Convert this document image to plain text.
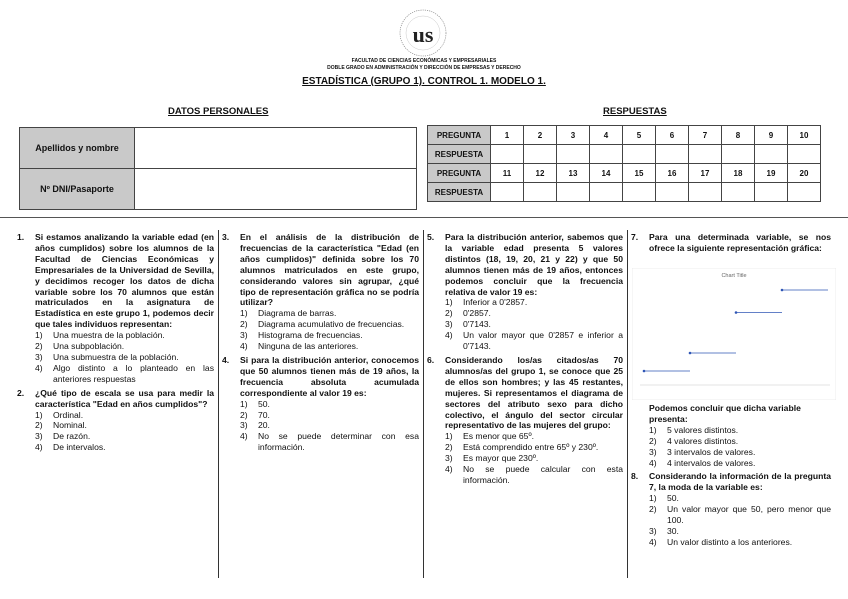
us
FACULTAD DE CIENCIAS ECONÓMICAS Y EMPRESARIALES
DOBLE GRADO EN ADMINISTRACIÓN Y DIRECCIÓN DE EMPRESAS Y DERECHO
ESTADÍSTICA (GRUPO 1). CONTROL 1. MODELO 1.
DATOS PERSONALES
Apellidos y nombre	
Nº DNI/Pasaporte	
RESPUESTAS
PREGUNTA	1	2	3	4	5	6	7	8	9	10
RESPUESTA										
PREGUNTA	11	12	13	14	15	16	17	18	19	20
RESPUESTA										
1.	Si estamos analizando la variable edad (en años cumplidos) sobre los alumnos de la Facultad de Ciencias Económicas y Empresariales de la Universidad de Sevilla, y decidimos recoger los datos de dicha variable sobre los 70 alumnos que están matriculados en la asignatura de Estadística en este grupo 1, podemos decir que tales individuos representan:
1)	Una muestra de la población.
2)	Una subpoblación.
3)	Una submuestra de la población.
4)	Algo distinto a lo planteado en las anteriores respuestas
2.	¿Qué tipo de escala se usa para medir la característica "Edad en años cumplidos"?
1)	Ordinal.
2)	Nominal.
3)	De razón.
4)	De intervalos.
3.	En el análisis de la distribución de frecuencias de la característica "Edad (en años cumplidos)" definida sobre los 70 alumnos matriculados en este grupo, considerando valores sin agrupar, ¿qué tipo de representación gráfica no se podría utilizar?
1)	Diagrama de barras.
2)	Diagrama acumulativo de frecuencias.
3)	Histograma de frecuencias.
4)	Ninguna de las anteriores.
4.	Si para la distribución anterior, conocemos que 50 alumnos tienen más de 19 años, la frecuencia absoluta acumulada correspondiente al valor 19 es:
1)	50.
2)	70.
3)	20.
4)	No se puede determinar con esa información.
5.	Para la distribución anterior, sabemos que la variable edad presenta 5 valores distintos (18, 19, 20, 21 y 22) y que 50 alumnos tienen más de 19 años, entonces podemos concluir que la frecuencia relativa de valor 19 es:
1)	Inferior a 0'2857.
2)	0'2857.
3)	0'7143.
4)	Un valor mayor que 0'2857 e inferior a 0'7143.
6.	Considerando los/as citados/as 70 alumnos/as del grupo 1, se conoce que 25 de ellos son hombres; y las 45 restantes, mujeres. Si representamos el diagrama de sectores del atributo sexo para dicho colectivo, el ángulo del sector circular representativo de las mujeres del grupo:
1)	Es menor que 65º.
2)	Está comprendido entre 65º y 230º.
3)	Es mayor que 230º.
4)	No se puede calcular con esta información.
7.	Para una determinada variable, se nos ofrece la siguiente representación gráfica:
Chart Title
Podemos concluir que dicha variable presenta:
1)	5 valores distintos.
2)	4 valores distintos.
3)	3 intervalos de valores.
4)	4 intervalos de valores.
8.	Considerando la información de la pregunta 7, la moda de la variable es:
1)	50.
2)	Un valor mayor que 50, pero menor que 100.
3)	30.
4)	Un valor distinto a los anteriores.
